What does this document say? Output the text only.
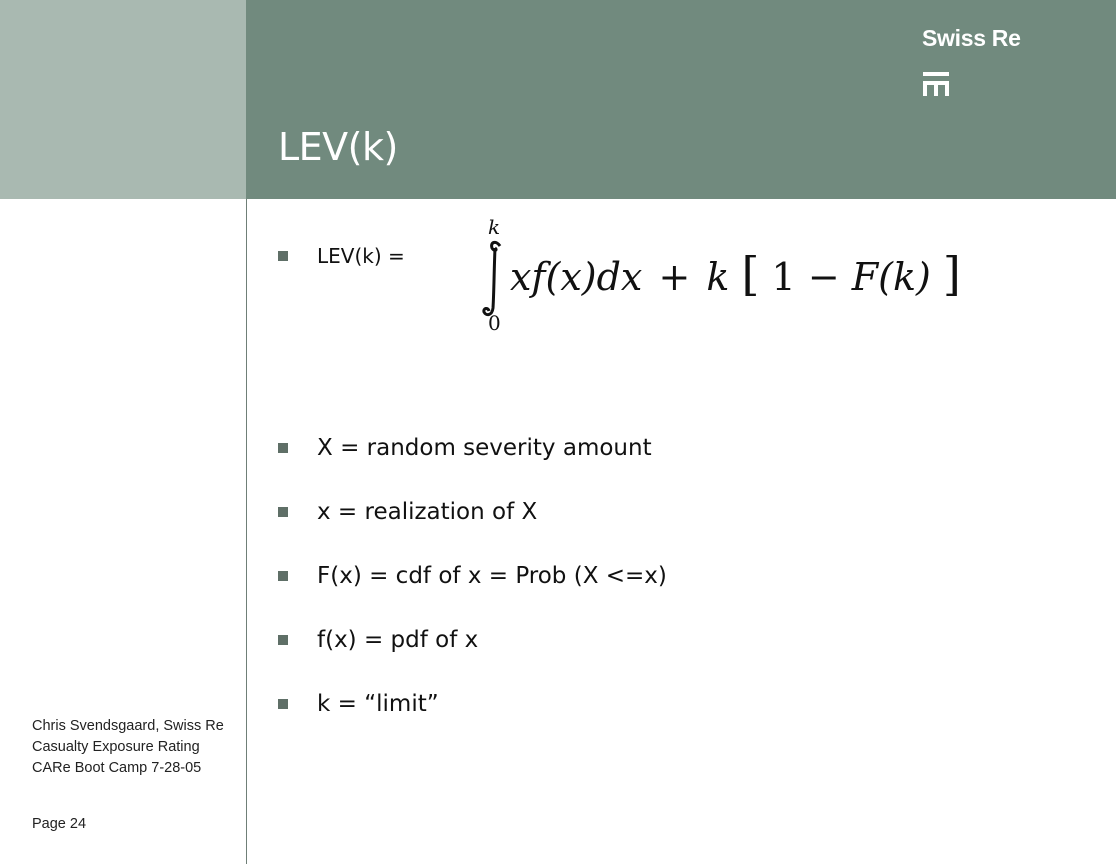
LEV(k)
Swiss Re
LEV(k) =
k
0
xf(x)dx + k [ 1 − F(k) ]
X = random severity amount
x = realization of X
F(x) = cdf of x = Prob (X <=x)
f(x) = pdf of x
k = “limit”
Chris Svendsgaard, Swiss Re
Casualty Exposure Rating
CARe Boot Camp 7-28-05
Page 24
